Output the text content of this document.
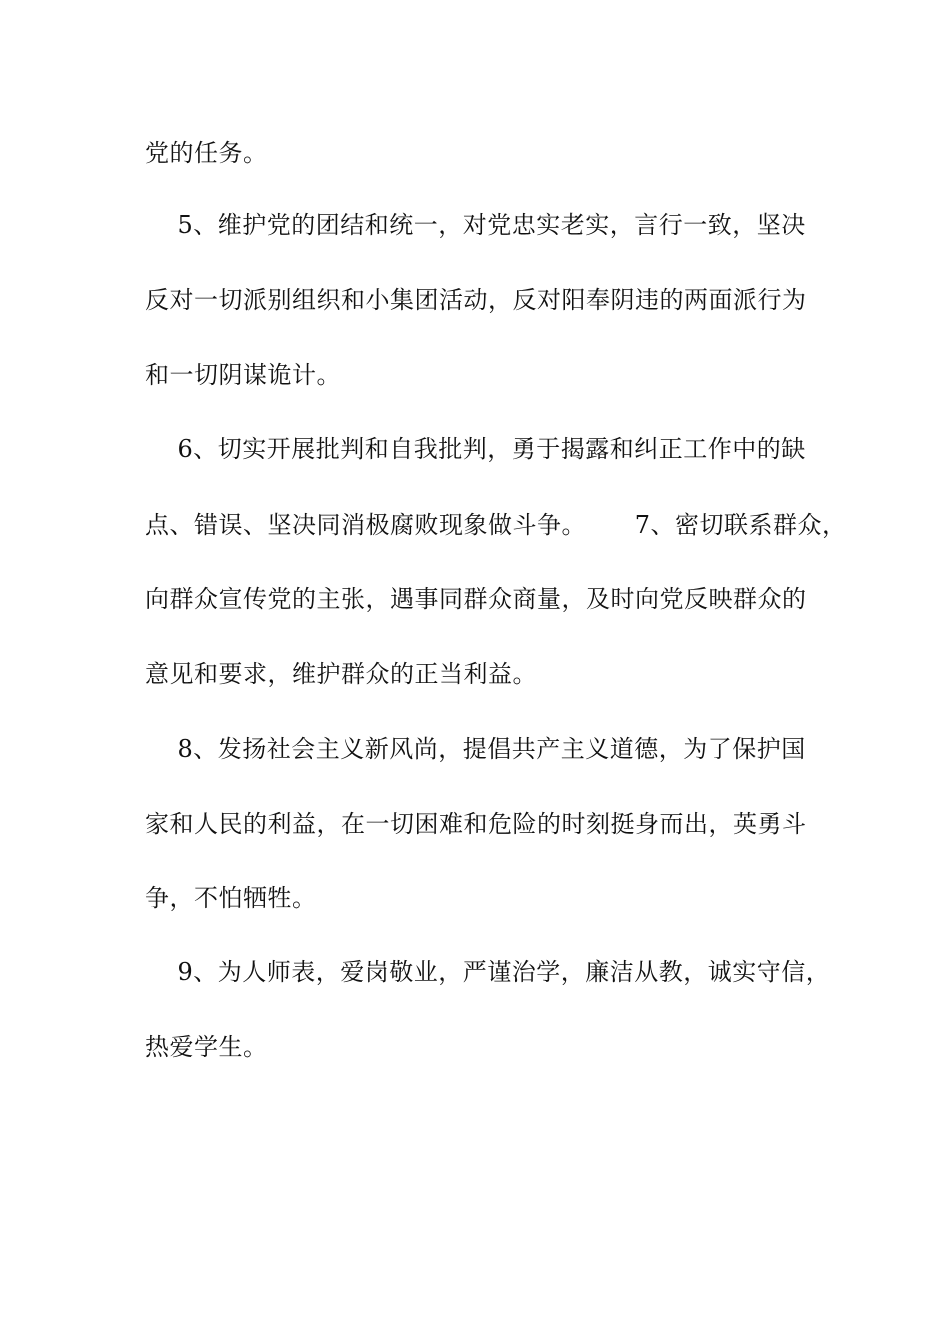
党的任务。
5、维护党的团结和统一，对党忠实老实，言行一致，坚决
反对一切派别组织和小集团活动，反对阳奉阴违的两面派行为
和一切阴谋诡计。
6、切实开展批判和自我批判，勇于揭露和纠正工作中的缺
点、错误、坚决同消极腐败现象做斗争。      7、密切联系群众，
向群众宣传党的主张，遇事同群众商量，及时向党反映群众的
意见和要求，维护群众的正当利益。
8、发扬社会主义新风尚，提倡共产主义道德，为了保护国
家和人民的利益，在一切困难和危险的时刻挺身而出，英勇斗
争，不怕牺牲。
9、为人师表，爱岗敬业，严谨治学，廉洁从教，诚实守信，
热爱学生。
